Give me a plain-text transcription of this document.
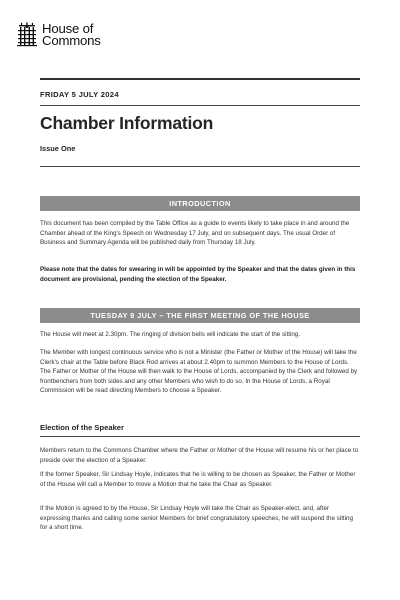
House of
Commons
FRIDAY 5 JULY 2024
Chamber Information
Issue One
INTRODUCTION
This document has been compiled by the Table Office as a guide to events likely to take place in and around the Chamber ahead of the King's Speech on Wednesday 17 July, and on subsequent days. The usual Order of Business and Summary Agenda will be published daily from Thursday 18 July.
Please note that the dates for swearing in will be appointed by the Speaker and that the dates given in this document are provisional, pending the election of the Speaker.
TUESDAY 9 JULY – THE FIRST MEETING OF THE HOUSE
The House will meet at 2.30pm. The ringing of division bells will indicate the start of the sitting.
The Member with longest continuous service who is not a Minister (the Father or Mother of the House) will take the Clerk's chair at the Table before Black Rod arrives at about 2.40pm to summon Members to the House of Lords. The Father or Mother of the House will then walk to the House of Lords, accompanied by the Clerk and followed by frontbenchers from both sides and any other Members who wish to do so. In the House of Lords, a Royal Commission will be read directing Members to choose a Speaker.
Election of the Speaker
Members return to the Commons Chamber where the Father or Mother of the House will resume his or her place to preside over the election of a Speaker.
If the former Speaker, Sir Lindsay Hoyle, indicates that he is willing to be chosen as Speaker, the Father or Mother of the House will call a Member to move a Motion that he take the Chair as Speaker.
If the Motion is agreed to by the House, Sir Lindsay Hoyle will take the Chair as Speaker-elect, and, after expressing thanks and calling some senior Members for brief congratulatory speeches, he will suspend the sitting for a short time.
